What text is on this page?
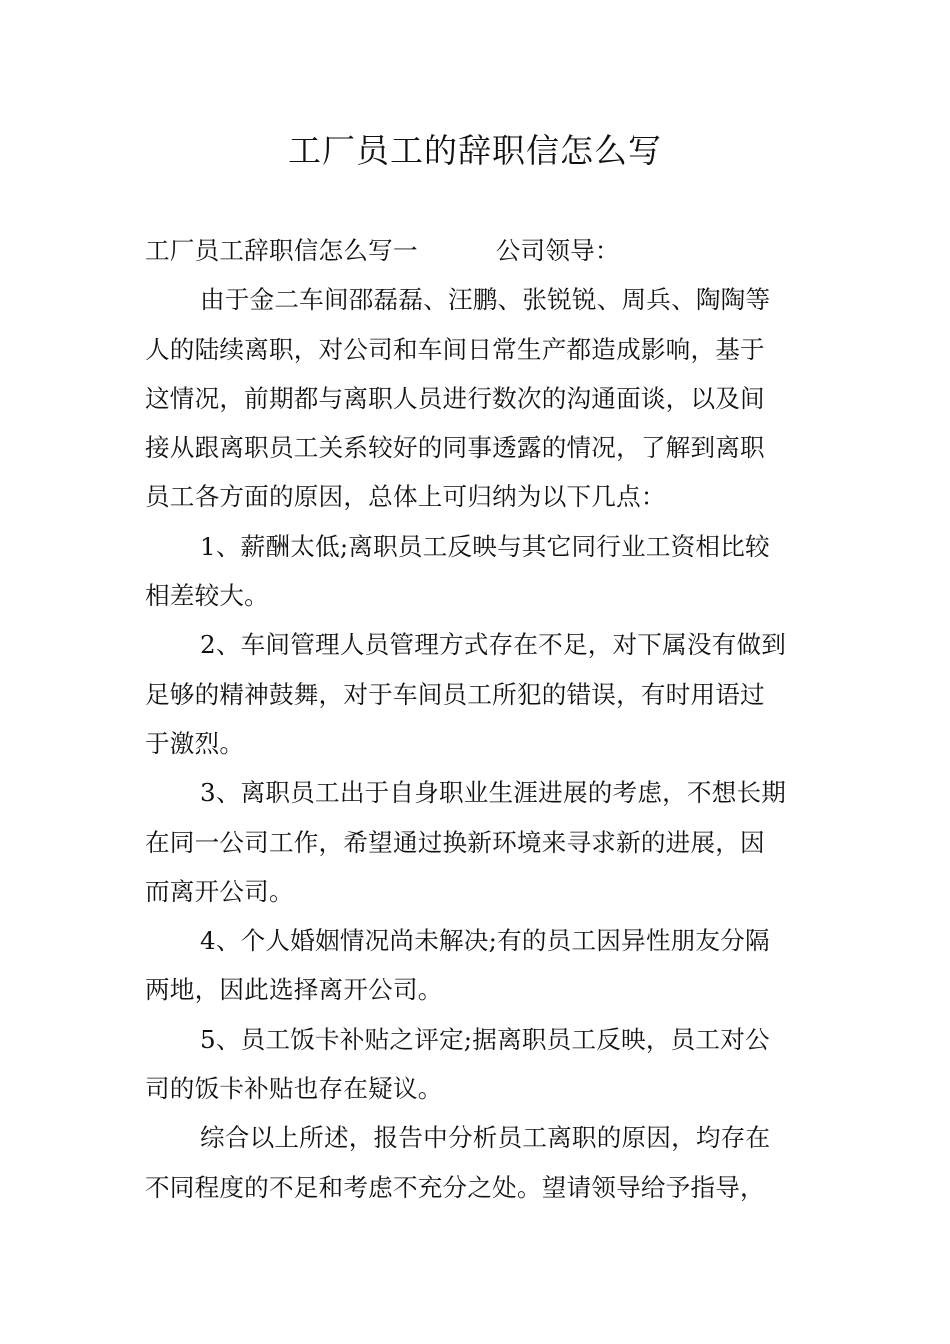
工厂员工的辞职信怎么写
工厂员工辞职信怎么写一	公司领导：
由于金二车间邵磊磊、汪鹏、张锐锐、周兵、陶陶等
人的陆续离职，对公司和车间日常生产都造成影响，基于
这情况，前期都与离职人员进行数次的沟通面谈，以及间
接从跟离职员工关系较好的同事透露的情况，了解到离职
员工各方面的原因，总体上可归纳为以下几点：
1、薪酬太低;离职员工反映与其它同行业工资相比较
相差较大。
2、车间管理人员管理方式存在不足，对下属没有做到
足够的精神鼓舞，对于车间员工所犯的错误，有时用语过
于激烈。
3、离职员工出于自身职业生涯进展的考虑，不想长期
在同一公司工作，希望通过换新环境来寻求新的进展，因
而离开公司。
4、个人婚姻情况尚未解决;有的员工因异性朋友分隔
两地，因此选择离开公司。
5、员工饭卡补贴之评定;据离职员工反映，员工对公
司的饭卡补贴也存在疑议。
综合以上所述，报告中分析员工离职的原因，均存在
不同程度的不足和考虑不充分之处。望请领导给予指导，
